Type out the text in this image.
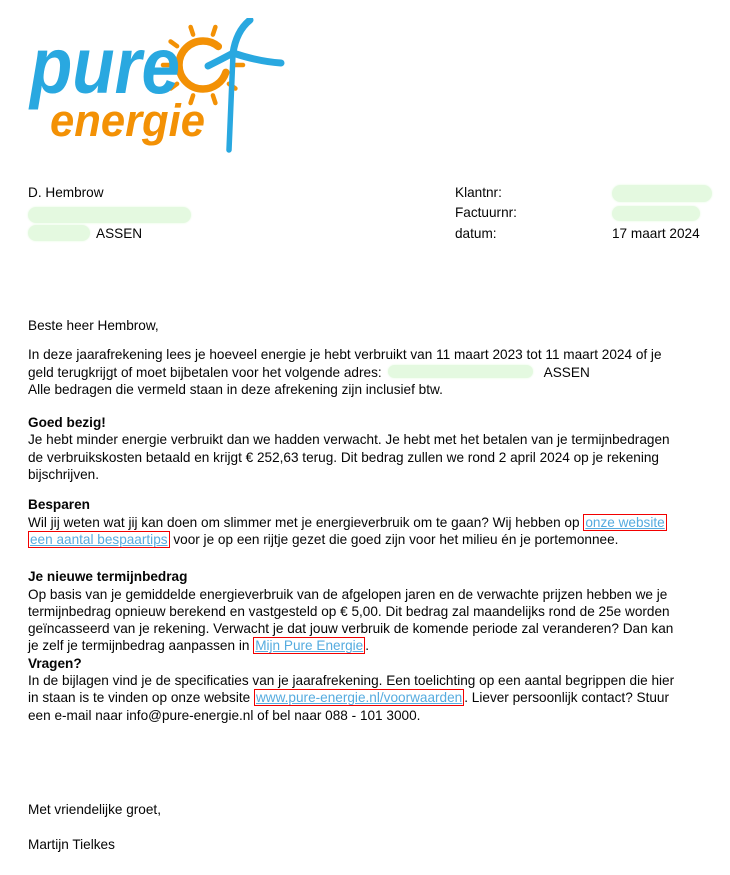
pure
energie
D. Hembrow
ASSEN
Klantnr:
Factuurnr:
datum:	17 maart 2024
Beste heer Hembrow,
In deze jaarafrekening lees je hoeveel energie je hebt verbruikt van 11 maart 2023 tot 11 maart 2024 of je
geld terugkrijgt of moet bijbetalen voor het volgende adres:	ASSEN
Alle bedragen die vermeld staan in deze afrekening zijn inclusief btw.
Goed bezig!
Je hebt minder energie verbruikt dan we hadden verwacht. Je hebt met het betalen van je termijnbedragen
de verbruikskosten betaald en krijgt € 252,63 terug. Dit bedrag zullen we rond 2 april 2024 op je rekening
bijschrijven.
Besparen
Wil jij weten wat jij kan doen om slimmer met je energieverbruik om te gaan? Wij hebben op onze website
een aantal bespaartips voor je op een rijtje gezet die goed zijn voor het milieu én je portemonnee.
Je nieuwe termijnbedrag
Op basis van je gemiddelde energieverbruik van de afgelopen jaren en de verwachte prijzen hebben we je
termijnbedrag opnieuw berekend en vastgesteld op € 5,00. Dit bedrag zal maandelijks rond de 25e worden
geïncasseerd van je rekening. Verwacht je dat jouw verbruik de komende periode zal veranderen? Dan kan
je zelf je termijnbedrag aanpassen in Mijn Pure Energie .
Vragen?
In de bijlagen vind je de specificaties van je jaarafrekening. Een toelichting op een aantal begrippen die hier
in staan is te vinden op onze website www.pure-energie.nl/voorwaarden . Liever persoonlijk contact? Stuur
een e-mail naar info@pure-energie.nl of bel naar 088 - 101 3000.
Met vriendelijke groet,
Martijn Tielkes
